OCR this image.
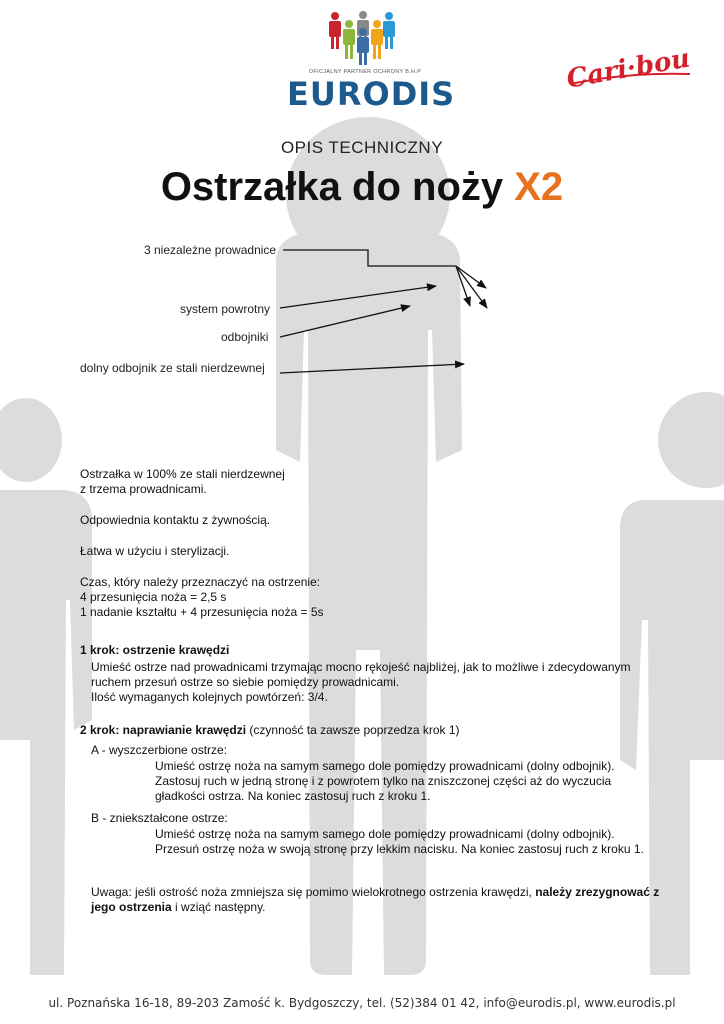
OFICJALNY PARTNER OCHRONY B.H.P
EURODIS	Cari·bou
OPIS TECHNICZNY
Ostrzałka do noży X2
3 niezależne prowadnice
system powrotny
odbojniki
dolny odbojnik ze stali nierdzewnej

Ostrzałka w 100% ze stali nierdzewnej

z trzema prowadnicami.

Odpowiednia kontaktu z żywnością.
Łatwa w użyciu i sterylizacji.

Czas, który należy przeznaczyć na ostrzenie:

4 przesunięcia noża = 2,5 s

1 nadanie kształtu + 4 przesunięcia noża = 5s

1 krok: ostrzenie krawędzi

Umieść ostrze nad prowadnicami trzymając mocno rękojeść najbliżej, jak to możliwe i zdecydowanym

ruchem przesuń ostrze so siebie pomiędzy prowadnicami.

Ilość wymaganych kolejnych powtórzeń: 3/4.

2 krok: naprawianie krawędzi (czynność ta zawsze poprzedza krok 1)
A - wyszczerbione ostrze:

Umieść ostrzę noża na samym samego dole pomiędzy prowadnicami (dolny odbojnik).

Zastosuj ruch w jedną stronę i z powrotem tylko na zniszczonej części aż do wyczucia

gładkości ostrza. Na koniec zastosuj ruch z kroku 1.

B - zniekształcone ostrze:

Umieść ostrzę noża na samym samego dole pomiędzy prowadnicami (dolny odbojnik).

Przesuń ostrzę noża w swoją stronę przy lekkim nacisku. Na koniec zastosuj ruch z kroku 1.

Uwaga: jeśli ostrość noża zmniejsza się pomimo wielokrotnego ostrzenia krawędzi, należy zrezygnować z
jego ostrzenia i wziąć następny.
ul. Poznańska 16-18, 89-203 Zamość k. Bydgoszczy, tel. (52)384 01 42, info@eurodis.pl, www.eurodis.pl
